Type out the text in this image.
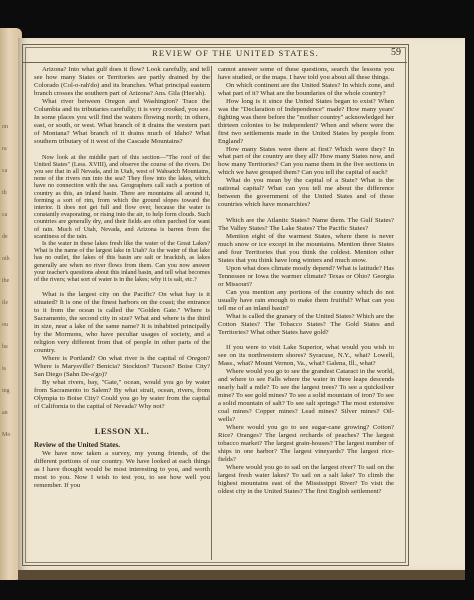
on
ra
ca
th
ca
de
oth
the
ile
ou
ha
is
ing
an
Mo
REVIEW OF THE UNITED STATES.	59

Arizona? Into what gulf does it flow? Look carefully, and tell see how many States or Territories are partly drained by the Colorado (Col-o-rah'do) and its branches. What principal eastern branch crosses the southern part of Arizona? Ans. Gila (Hee'ah).

What river between Oregon and Washington? Trace the Columbia and its tributaries carefully; it is very crooked, you see. In some places you will find the waters flowing north; in others, east, or south, or west. What branch of it drains the western part of Montana? What branch of it drains much of Idaho? What southern tributary of it west of the Cascade Mountains?

Now look at the middle part of this section—"The roof of the United States" (Less. XVIII), and observe the course of the rivers. Do you see that in all Nevada, and in Utah, west of Wahsatch Mountains, none of the rivers run into the sea? They flow into the lakes, which have no connection with the sea. Geographers call such a portion of country as this, an inland basin. There are mountains all around it, forming a sort of rim, from which the ground slopes toward the interior. It does not get full and flow over, because the water is constantly evaporating, or rising into the air, to help form clouds. Such countries are generally dry, and their fields are often parched for want of rain. Much of Utah, Nevada, and Arizona is barren from the scantiness of the rain.

Is the water in these lakes fresh like the water of the Great Lakes? What is the name of the largest lake in Utah? As the water of that lake has no outlet, the lakes of this basin are salt or brackish, as lakes generally are when no river flows from them. Can you now answer your teacher's questions about this inland basin, and tell what becomes of the rivers; what sort of water is in the lakes; why it is salt, etc.?

What is the largest city on the Pacific? On what bay is it situated? It is one of the finest harbors on the coast; the entrance to it from the ocean is called the "Golden Gate." Where is Sacramento, the second city in size? What and where is the third in size, near a lake of the same name? It is inhabited principally by the Mormons, who have peculiar usages of society, and a religion very different from that of people in other parts of the country.

Where is Portland? On what river is the capital of Oregon? Where is Marysville? Benicia? Stockton? Tucson? Boise City? San Diego (Sahn De-a'go)?

By what rivers, bay, "Gate," ocean, would you go by water from Sacramento to Salem? By what strait, ocean, rivers, from Olympia to Boise City? Could you go by water from the capital of California to the capital of Nevada? Why not?

LESSON XL.

Review of the United States.

We have now taken a survey, my young friends, of the different portions of our country. We have looked at each things as I have thought would be most interesting to you, and worth most to you. Now I wish to test you, to see how well you remember. If you

cannot answer some of these questions, search the lessons you have studied, or the maps. I have told you about all these things.

On which continent are the United States? In which zone, and what part of it? What are the boundaries of the whole country?

How long is it since the United States began to exist? When was the "Declaration of Independence" made? How many years' fighting was there before the "mother country" acknowledged her thirteen colonies to be independent? When and where were the first two settlements made in the United States by people from England?

How many States were there at first? Which were they? In what part of the country are they all? How many States now, and how many Territories? Can you name them in the five sections in which we have grouped them? Can you tell the capital of each?

What do you mean by the capital of a State? What is the national capital? What can you tell me about the difference between the government of the United States and of those countries which have monarchies?

Which are the Atlantic States? Name them. The Gulf States? The Valley States? The Lake States? The Pacific States?

Mention eight of the warmest States, where there is never much snow or ice except in the mountains. Mention three States and four Territories that you think the coldest. Mention other States that you think have long winters and much snow.

Upon what does climate mostly depend? What is latitude? Has Tennessee or Iowa the warmer climate? Texas or Ohio? Georgia or Missouri?

Can you mention any portions of the country which do not usually have rain enough to make them fruitful? What can you tell me of an inland basin?

What is called the granary of the United States? Which are the Cotton States? The Tobacco States? The Gold States and Territories? What other States have gold?

If you were to visit Lake Superior, what would you wish to see on its northwestern shores? Syracuse, N.Y., what? Lowell, Mass., what? Mount Vernon, Va., what? Galena, Ill., what?

Where would you go to see the grandest Cataract in the world, and where to see Falls where the water in three leaps descends nearly half a mile? To see the largest trees? To see a quicksilver mine? To see gold mines? To see a solid mountain of iron? To see a solid mountain of salt? To see salt springs? The most extensive coal mines? Copper mines? Lead mines? Silver mines? Oil-wells?

Where would you go to see sugar-cane growing? Cotton? Rice? Oranges? The largest orchards of peaches? The largest tobacco market? The largest grain-houses? The largest number of ships in one harbor? The largest vineyards? The largest rice-fields?

Where would you go to sail on the largest river? To sail on the largest fresh water lakes? To sail on a salt lake? To climb the highest mountains east of the Mississippi River? To visit the oldest city in the United States? The first English settlement?
